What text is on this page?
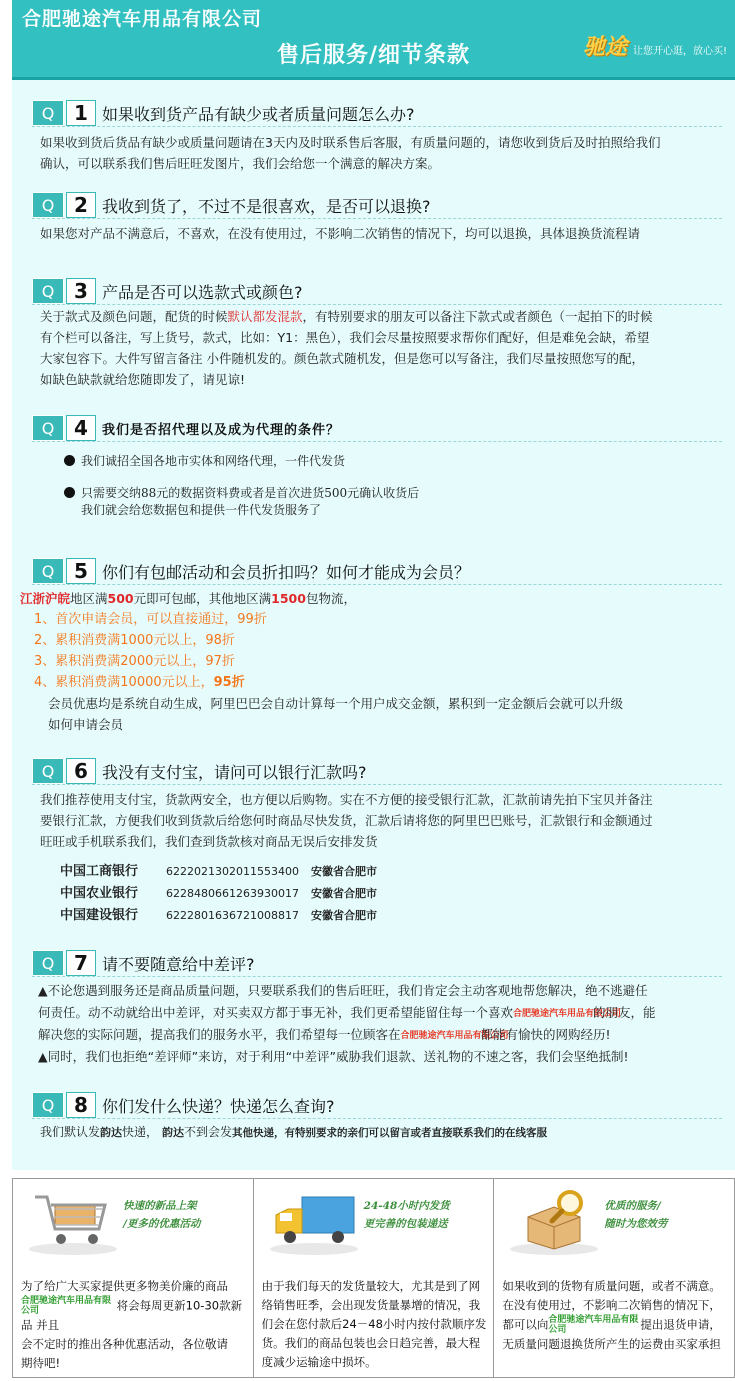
合肥驰途汽车用品有限公司
售后服务/细节条款	驰途 让您开心逛，放心买!
Q 1 如果收到货产品有缺少或者质量问题怎么办?

如果收到货后货品有缺少或质量问题请在3天内及时联系售后客服，有质量问题的，请您收到货后及时拍照给我们

确认，可以联系我们售后旺旺发图片，我们会给您一个满意的解决方案。

Q 2 我收到货了，不过不是很喜欢，是否可以退换?

如果您对产品不满意后，不喜欢，在没有使用过，不影响二次销售的情况下，均可以退换，具体退换货流程请

Q 3 产品是否可以选款式或颜色?

关于款式及颜色问题，配货的时候默认都发混款，有特别要求的朋友可以备注下款式或者颜色（一起拍下的时候

有个栏可以备注，写上货号，款式，比如：Y1：黑色），我们会尽量按照要求帮你们配好，但是难免会缺，希望

大家包容下。大件写留言备注 小件随机发的。颜色款式随机发，但是您可以写备注，我们尽量按照您写的配，

如缺色缺款就给您随即发了，请见谅!

Q 4	我们是否招代理以及成为代理的条件？
我们诚招全国各地市实体和网络代理，一件代发货
只需要交纳88元的数据资料费或者是首次进货500元确认收货后
我们就会给您数据包和提供一件代发货服务了
Q 5 你们有包邮活动和会员折扣吗？如何才能成为会员？

江浙沪皖地区满500元即可包邮，其他地区满1500包物流，

1、首次申请会员，可以直接通过，99折

2、累积消费满1000元以上，98折

3、累积消费满2000元以上，97折

4、累积消费满10000元以上，95折

会员优惠均是系统自动生成，阿里巴巴会自动计算每一个用户成交金额，累积到一定金额后会就可以升级

如何申请会员

Q 6 我没有支付宝，请问可以银行汇款吗?

我们推荐使用支付宝，货款两安全，也方便以后购物。实在不方便的接受银行汇款，汇款前请先拍下宝贝并备注

要银行汇款，方便我们收到货款后给您何时商品尽快发货，汇款后请将您的阿里巴巴账号，汇款银行和金额通过

旺旺或手机联系我们，我们查到货款核对商品无误后安排发货

中国工商银行	6222021302011553400 安徽省合肥市
中国农业银行	6228480661263930017 安徽省合肥市
中国建设银行	6222801636721008817 安徽省合肥市
Q 7 请不要随意给中差评?

▲不论您遇到服务还是商品质量问题，只要联系我们的售后旺旺，我们肯定会主动客观地帮您解决，绝不逃避任

何责任。动不动就给出中差评，对买卖双方都于事无补，我们更希望能留住每一个喜欢合肥驰途汽车用品有限公司的朋友，能

解决您的实际问题，提高我们的服务水平，我们希望每一位顾客在合肥驰途汽车用品有限公司都能有愉快的网购经历!

▲同时，我们也拒绝“差评师”来访，对于利用“中差评”威胁我们退款、送礼物的不速之客，我们会坚绝抵制!

Q 8 你们发什么快递？快递怎么查询?

我们默认发韵达快递， 韵达不到会发其他快递，有特别要求的亲们可以留言或者直接联系我们的在线客服

快速的新品上架
/更多的优惠活动
为了给广大买家提供更多物美价廉的商品
合肥驰途汽车用品有限公司	将会每周更新10-30款新品 并且
会不定时的推出各种优惠活动，各位敬请
期待吧!
24-48小时内发货
更完善的包装递送
由于我们每天的发货量较大，尤其是到了网络销售旺季，会出现发货量暴增的情况，我们会在您付款后24－48小时内按付款顺序发货。我们的商品包装也会日趋完善，最大程度减少运输途中损坏。
优质的服务/
随时为您效劳
如果收到的货物有质量问题，或者不满意。在没有使用过，不影响二次销售的情况下，都可以向合肥驰途汽车用品有限公司	提出退货申请，无质量问题退换货所产生的运费由买家承担
